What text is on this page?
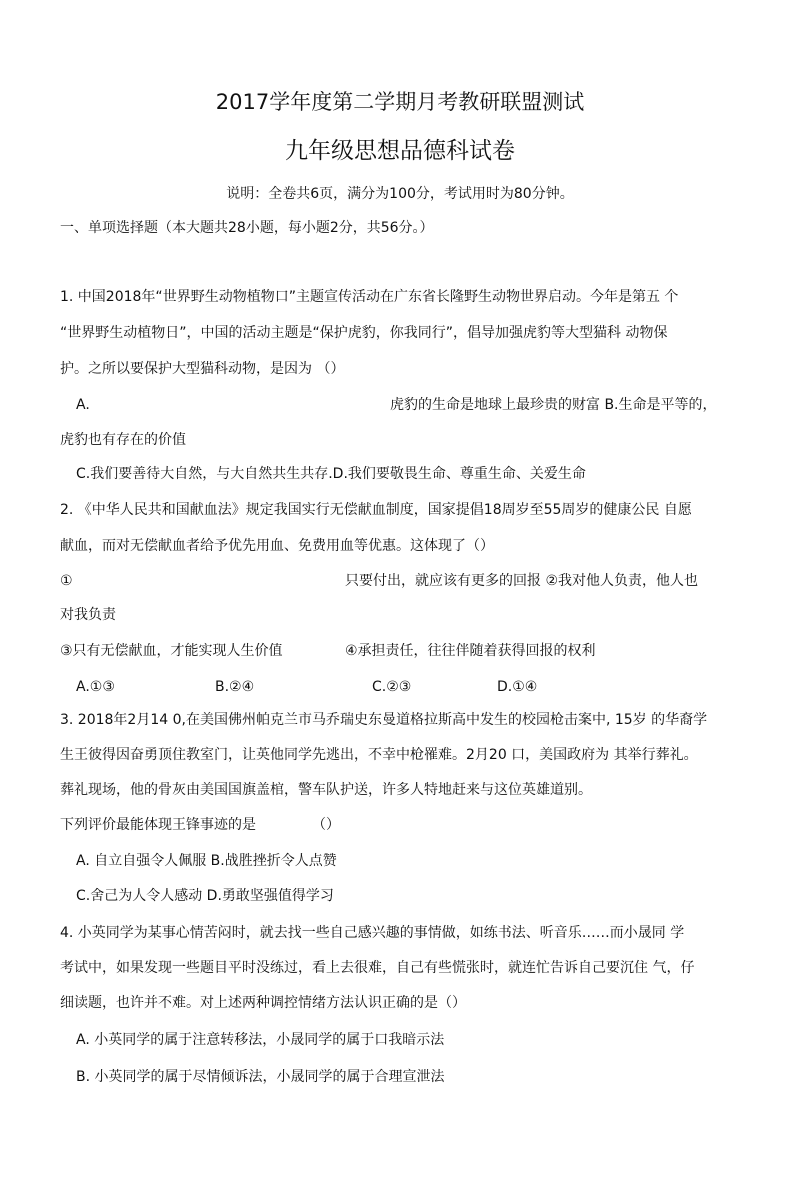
2017学年度第二学期月考教研联盟测试
九年级思想品德科试卷
说明：全卷共6页，满分为100分，考试用时为80分钟。
一、单项选择题（本大题共28小题，每小题2分，共56分。）
1. 中国2018年“世界野生动物植物口”主题宣传活动在广东省长隆野生动物世界启动。今年是第五 个
“世界野生动植物日”，中国的活动主题是“保护虎豹，你我同行”，倡导加强虎豹等大型猫科 动物保
护。之所以要保护大型猫科动物，是因为 （）
A.	虎豹的生命是地球上最珍贵的财富 B.生命是平等的，
虎豹也有存在的价值
C.我们要善待大自然，与大自然共生共存.D.我们要敬畏生命、尊重生命、关爱生命
2. 《中华人民共和国献血法》规定我国实行无偿献血制度，国家提倡18周岁至55周岁的健康公民 自愿
献血，而对无偿献血者给予优先用血、免费用血等优惠。这体现了（）
①	只要付出，就应该有更多的回报 ②我对他人负责，他人也
对我负责
③只有无偿献血，才能实现人生价值	④承担责任，往往伴随着获得回报的权利
A.①③	B.②④	C.②③	D.①④
3. 2018年2月14 0,在美国佛州帕克兰市马乔瑞史东曼道格拉斯高中发生的校园枪击案中, 15岁 的华裔学
生王彼得因奋勇顶住教室门，让英他同学先逃出，不幸中枪罹难。2月20 口，美国政府为 其举行葬礼。
葬礼现场，他的骨灰由美国国旗盖棺，警车队护送，许多人特地赶来与这位英雄道别。
下列评价最能体现王锋事迹的是	（）
A. 自立自强令人佩服 B.战胜挫折令人点赞
C.舍己为人令人感动 D.勇敢坚强值得学习
4. 小英同学为某事心情苦闷时，就去找一些自己感兴趣的事情做，如练书法、听音乐……而小晟同 学
考试中，如果发现一些题目平时没练过，看上去很难，自己有些慌张时，就连忙告诉自己要沉住 气，仔
细读题，也许并不难。对上述两种调控情绪方法认识正确的是（）
A. 小英同学的属于注意转移法，小晟同学的属于口我暗示法
B. 小英同学的属于尽情倾诉法，小晟同学的属于合理宣泄法
